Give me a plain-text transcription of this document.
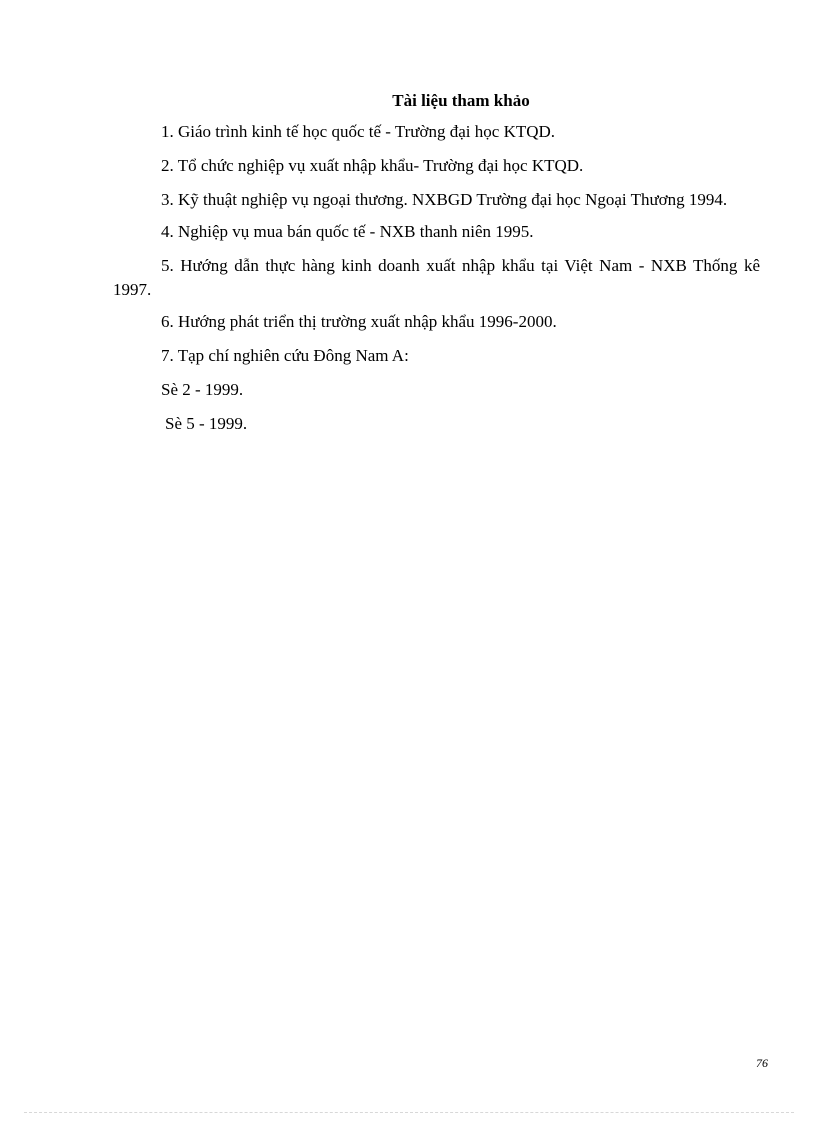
Tài liệu tham khảo

1. Giáo trình kinh tế học quốc tế - Trường đại học KTQD.

2. Tổ chức nghiệp vụ xuất nhập khẩu- Trường đại học KTQD.

3. Kỹ thuật nghiệp vụ ngoại thương. NXBGD Trường đại học Ngoại Thương 1994.

4. Nghiệp vụ mua bán quốc tế - NXB thanh niên 1995.

5. Hướng dẫn thực hàng kinh doanh xuất nhập khẩu tại Việt Nam - NXB Thống kê 1997.

6. Hướng phát triển thị trường xuất nhập khẩu 1996-2000.

7. Tạp chí nghiên cứu Đông Nam A:

Sè 2 - 1999.

Sè 5 - 1999.

76
